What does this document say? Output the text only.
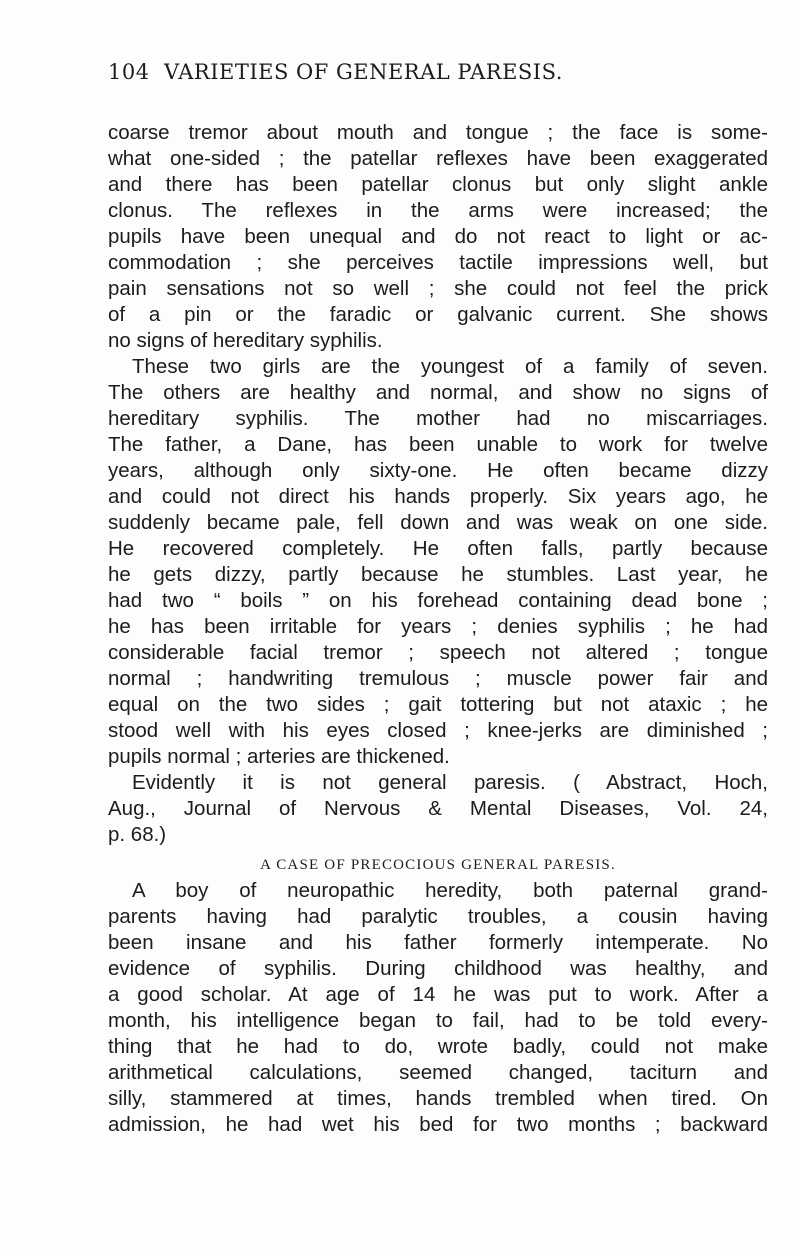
104 VARIETIES OF GENERAL PARESIS.
coarse tremor about mouth and tongue ; the face is some-
what one-sided ; the patellar reflexes have been exaggerated
and there has been patellar clonus but only slight ankle
clonus. The reflexes in the arms were increased; the
pupils have been unequal and do not react to light or ac-
commodation ; she perceives tactile impressions well, but
pain sensations not so well ; she could not feel the prick
of a pin or the faradic or galvanic current. She shows
no signs of hereditary syphilis.
These two girls are the youngest of a family of seven.
The others are healthy and normal, and show no signs of
hereditary syphilis. The mother had no miscarriages.
The father, a Dane, has been unable to work for twelve
years, although only sixty-one. He often became dizzy
and could not direct his hands properly. Six years ago, he
suddenly became pale, fell down and was weak on one side.
He recovered completely. He often falls, partly because
he gets dizzy, partly because he stumbles. Last year, he
had two “ boils ” on his forehead containing dead bone ;
he has been irritable for years ; denies syphilis ; he had
considerable facial tremor ; speech not altered ; tongue
normal ; handwriting tremulous ; muscle power fair and
equal on the two sides ; gait tottering but not ataxic ; he
stood well with his eyes closed ; knee-jerks are diminished ;
pupils normal ; arteries are thickened.
Evidently it is not general paresis. ( Abstract, Hoch,
Aug., Journal of Nervous & Mental Diseases, Vol. 24,
p. 68.)
A CASE OF PRECOCIOUS GENERAL PARESIS.
A boy of neuropathic heredity, both paternal grand-
parents having had paralytic troubles, a cousin having
been insane and his father formerly intemperate. No
evidence of syphilis. During childhood was healthy, and
a good scholar. At age of 14 he was put to work. After a
month, his intelligence began to fail, had to be told every-
thing that he had to do, wrote badly, could not make
arithmetical calculations, seemed changed, taciturn and
silly, stammered at times, hands trembled when tired. On
admission, he had wet his bed for two months ; backward
